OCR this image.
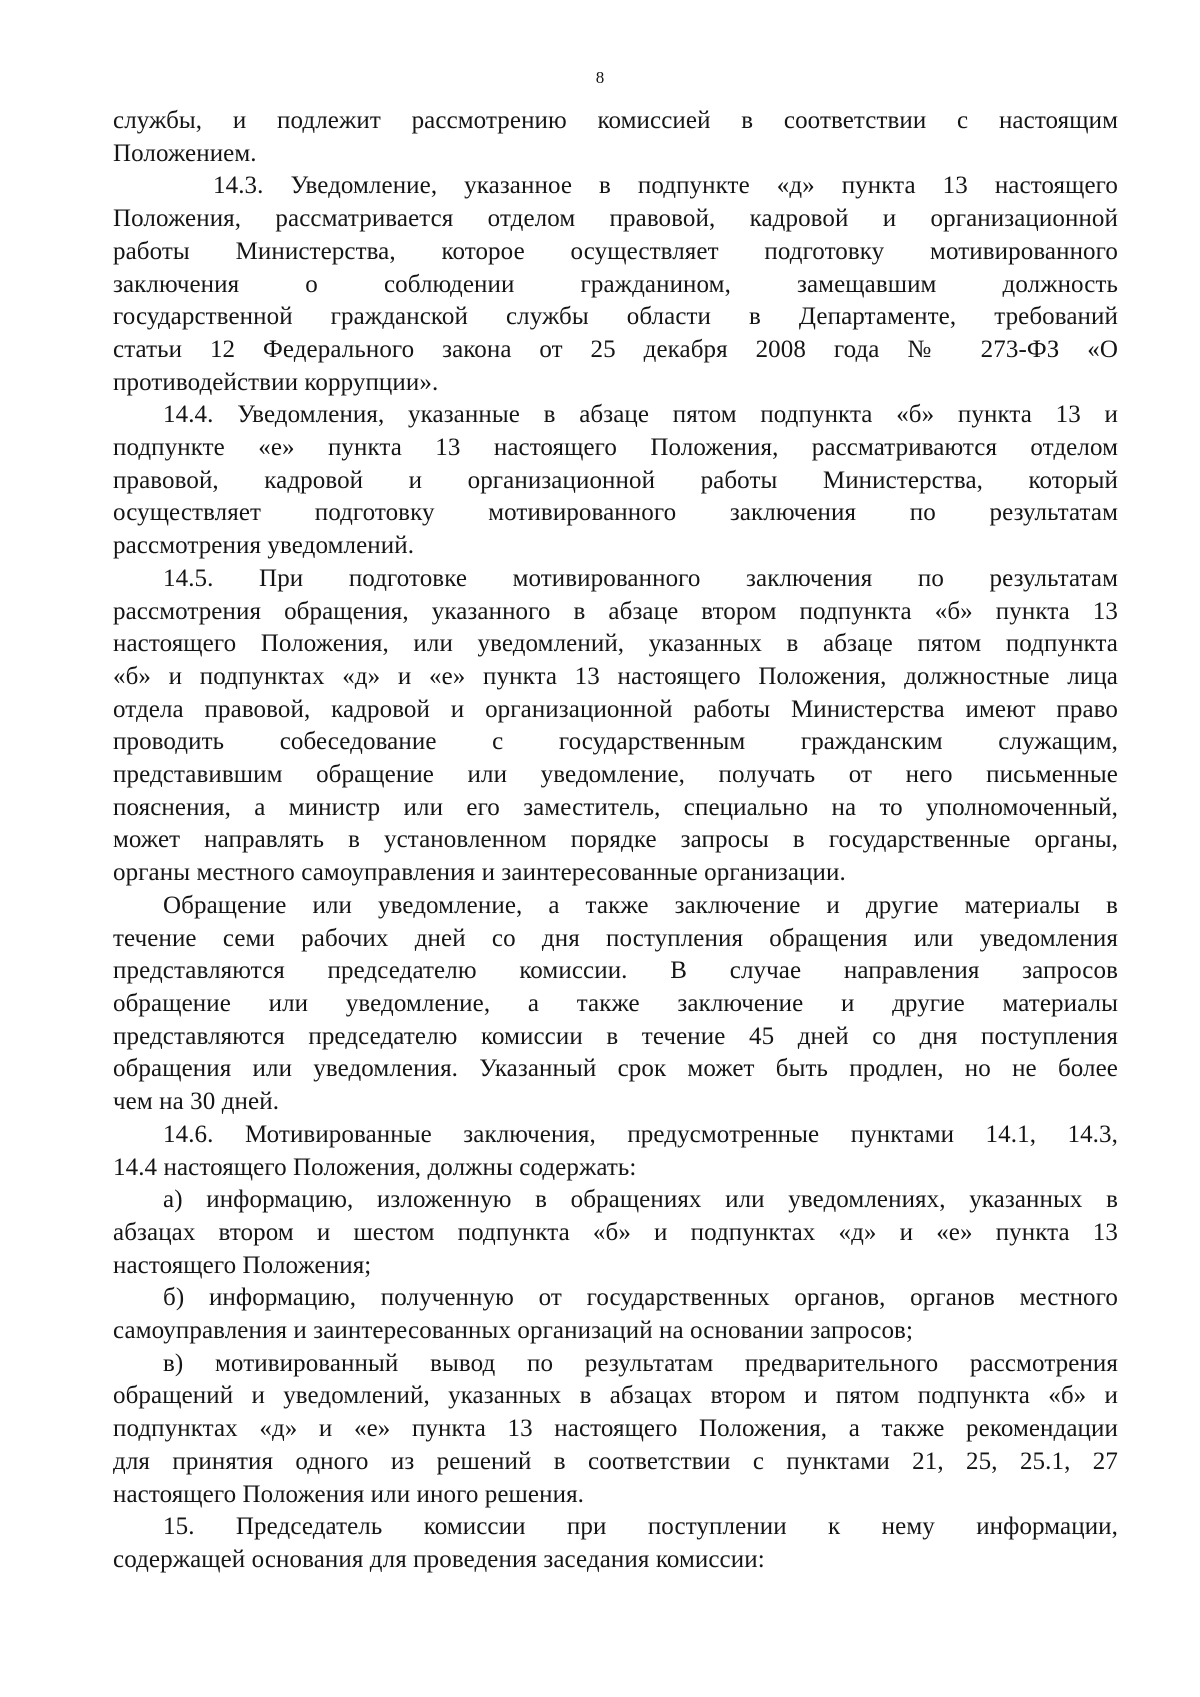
8
службы, и подлежит рассмотрению комиссией в соответствии с настоящим
Положением.
14.3. Уведомление, указанное в подпункте «д» пункта 13 настоящего
Положения, рассматривается отделом правовой, кадровой и организационной
работы Министерства, которое осуществляет подготовку мотивированного
заключения о соблюдении гражданином, замещавшим должность
государственной гражданской службы области в Департаменте, требований
статьи 12 Федерального закона от 25 декабря 2008 года № 273-ФЗ «О
противодействии коррупции».
14.4. Уведомления, указанные в абзаце пятом подпункта «б» пункта 13 и
подпункте «е» пункта 13 настоящего Положения, рассматриваются отделом
правовой, кадровой и организационной работы Министерства, который
осуществляет подготовку мотивированного заключения по результатам
рассмотрения уведомлений.
14.5. При подготовке мотивированного заключения по результатам
рассмотрения обращения, указанного в абзаце втором подпункта «б» пункта 13
настоящего Положения, или уведомлений, указанных в абзаце пятом подпункта
«б» и подпунктах «д» и «е» пункта 13 настоящего Положения, должностные лица
отдела правовой, кадровой и организационной работы Министерства имеют право
проводить собеседование с государственным гражданским служащим,
представившим обращение или уведомление, получать от него письменные
пояснения, а министр или его заместитель, специально на то уполномоченный,
может направлять в установленном порядке запросы в государственные органы,
органы местного самоуправления и заинтересованные организации.
Обращение или уведомление, а также заключение и другие материалы в
течение семи рабочих дней со дня поступления обращения или уведомления
представляются председателю комиссии. В случае направления запросов
обращение или уведомление, а также заключение и другие материалы
представляются председателю комиссии в течение 45 дней со дня поступления
обращения или уведомления. Указанный срок может быть продлен, но не более
чем на 30 дней.
14.6. Мотивированные заключения, предусмотренные пунктами 14.1, 14.3,
14.4 настоящего Положения, должны содержать:
а) информацию, изложенную в обращениях или уведомлениях, указанных в
абзацах втором и шестом подпункта «б» и подпунктах «д» и «е» пункта 13
настоящего Положения;
б) информацию, полученную от государственных органов, органов местного
самоуправления и заинтересованных организаций на основании запросов;
в) мотивированный вывод по результатам предварительного рассмотрения
обращений и уведомлений, указанных в абзацах втором и пятом подпункта «б» и
подпунктах «д» и «е» пункта 13 настоящего Положения, а также рекомендации
для принятия одного из решений в соответствии с пунктами 21, 25, 25.1, 27
настоящего Положения или иного решения.
15. Председатель комиссии при поступлении к нему информации,
содержащей основания для проведения заседания комиссии:
